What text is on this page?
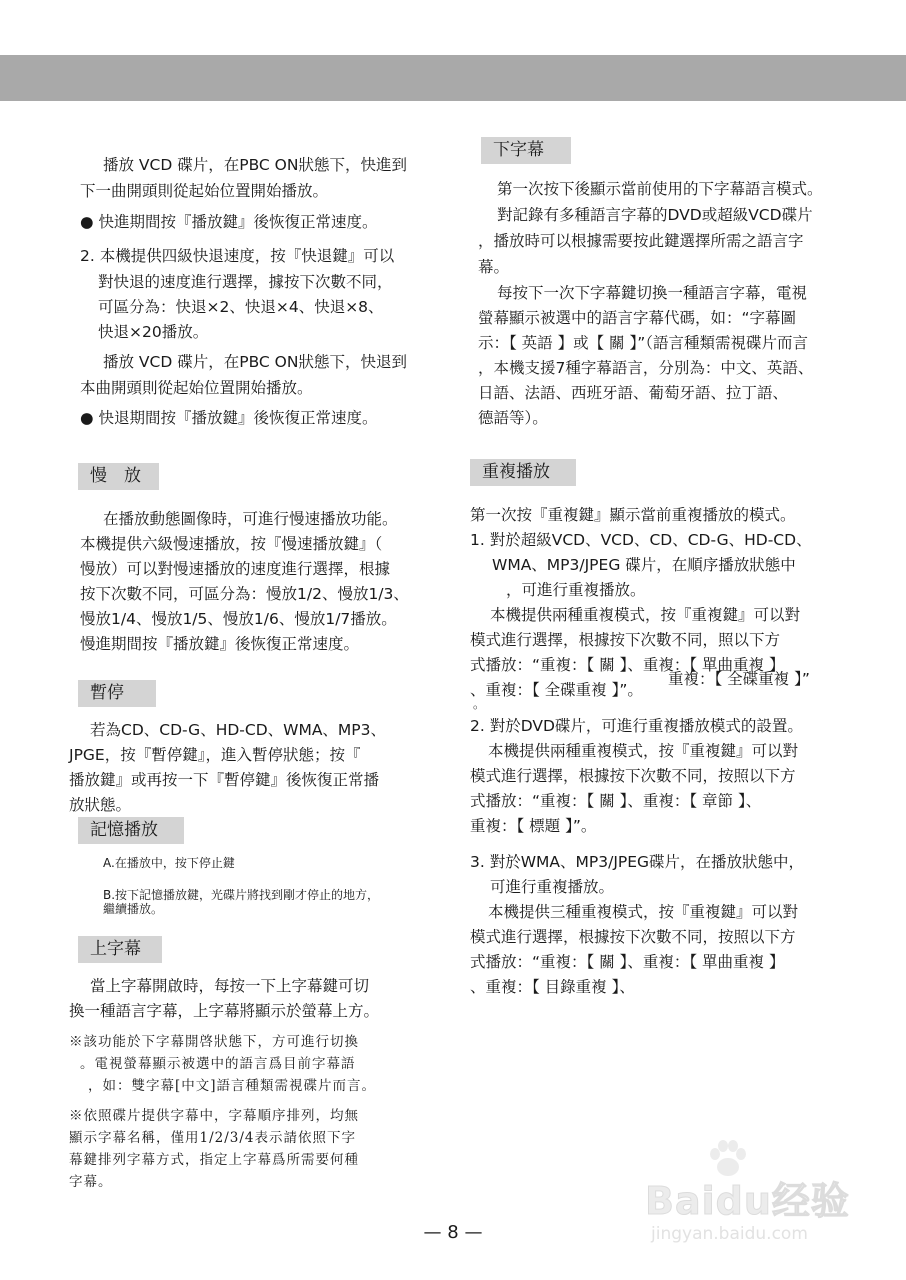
播放 VCD 碟片，在PBC ON狀態下，快進到
下一曲開頭則從起始位置開始播放。
● 快進期間按『播放鍵』後恢復正常速度。
2. 本機提供四級快退速度，按『快退鍵』可以
對快退的速度進行選擇，據按下次數不同，
可區分為：快退×2、快退×4、快退×8、
快退×20播放。
播放 VCD 碟片，在PBC ON狀態下，快退到
本曲開頭則從起始位置開始播放。
● 快退期間按『播放鍵』後恢復正常速度。
慢　放
在播放動態圖像時，可進行慢速播放功能。
本機提供六級慢速播放，按『慢速播放鍵』（
慢放）可以對慢速播放的速度進行選擇，根據
按下次數不同，可區分為：慢放1/2、慢放1/3、
慢放1/4、慢放1/5、慢放1/6、慢放1/7播放。
慢進期間按『播放鍵』後恢復正常速度。
暫停
若為CD、CD-G、HD-CD、WMA、MP3、
JPGE，按『暫停鍵』，進入暫停狀態；按『
播放鍵』或再按一下『暫停鍵』後恢復正常播
放狀態。
記憶播放
A.在播放中，按下停止鍵
B.按下記憶播放鍵，光碟片將找到剛才停止的地方，
繼續播放。
上字幕
當上字幕開啟時，每按一下上字幕鍵可切
換一種語言字幕，上字幕將顯示於螢幕上方。
※該功能於下字幕開啓狀態下，方可進行切換
。電視螢幕顯示被選中的語言爲目前字幕語
，如：雙字幕[中文]語言種類需視碟片而言。
※依照碟片提供字幕中，字幕順序排列，均無
顯示字幕名稱，僅用1/2/3/4表示請依照下字
幕鍵排列字幕方式，指定上字幕爲所需要何種
字幕。
下字幕
第一次按下後顯示當前使用的下字幕語言模式。
對記錄有多種語言字幕的DVD或超級VCD碟片
，播放時可以根據需要按此鍵選擇所需之語言字
幕。
每按下一次下字幕鍵切換一種語言字幕，電視
螢幕顯示被選中的語言字幕代碼，如：“字幕圖
示：【 英語 】或【 關 】”（語言種類需視碟片而言
，本機支援7種字幕語言，分別為：中文、英語、
日語、法語、西班牙語、葡萄牙語、拉丁語、
德語等）。
重複播放
第一次按『重複鍵』顯示當前重複播放的模式。
1. 對於超級VCD、VCD、CD、CD-G、HD-CD、
WMA、MP3/JPEG 碟片，在順序播放狀態中
，可進行重複播放。
本機提供兩種重複模式，按『重複鍵』可以對
模式進行選擇，根據按下次數不同，照以下方
式播放：“重複：【 關 】、重複：【 單曲重複 】
重複：【 全碟重複 】”
、重複：【 全碟重複 】”。
。
2. 對於DVD碟片，可進行重複播放模式的設置。
本機提供兩種重複模式，按『重複鍵』可以對
模式進行選擇，根據按下次數不同，按照以下方
式播放：“重複：【 關 】、重複：【 章節 】、
重複：【 標題 】”。
3. 對於WMA、MP3/JPEG碟片，在播放狀態中，
可進行重複播放。
本機提供三種重複模式，按『重複鍵』可以對
模式進行選擇，根據按下次數不同，按照以下方
式播放：“重複：【 關 】、重複：【 單曲重複 】
、重複：【 目錄重複 】、
— 8 —
Baidu经验
jingyan.baidu.com
